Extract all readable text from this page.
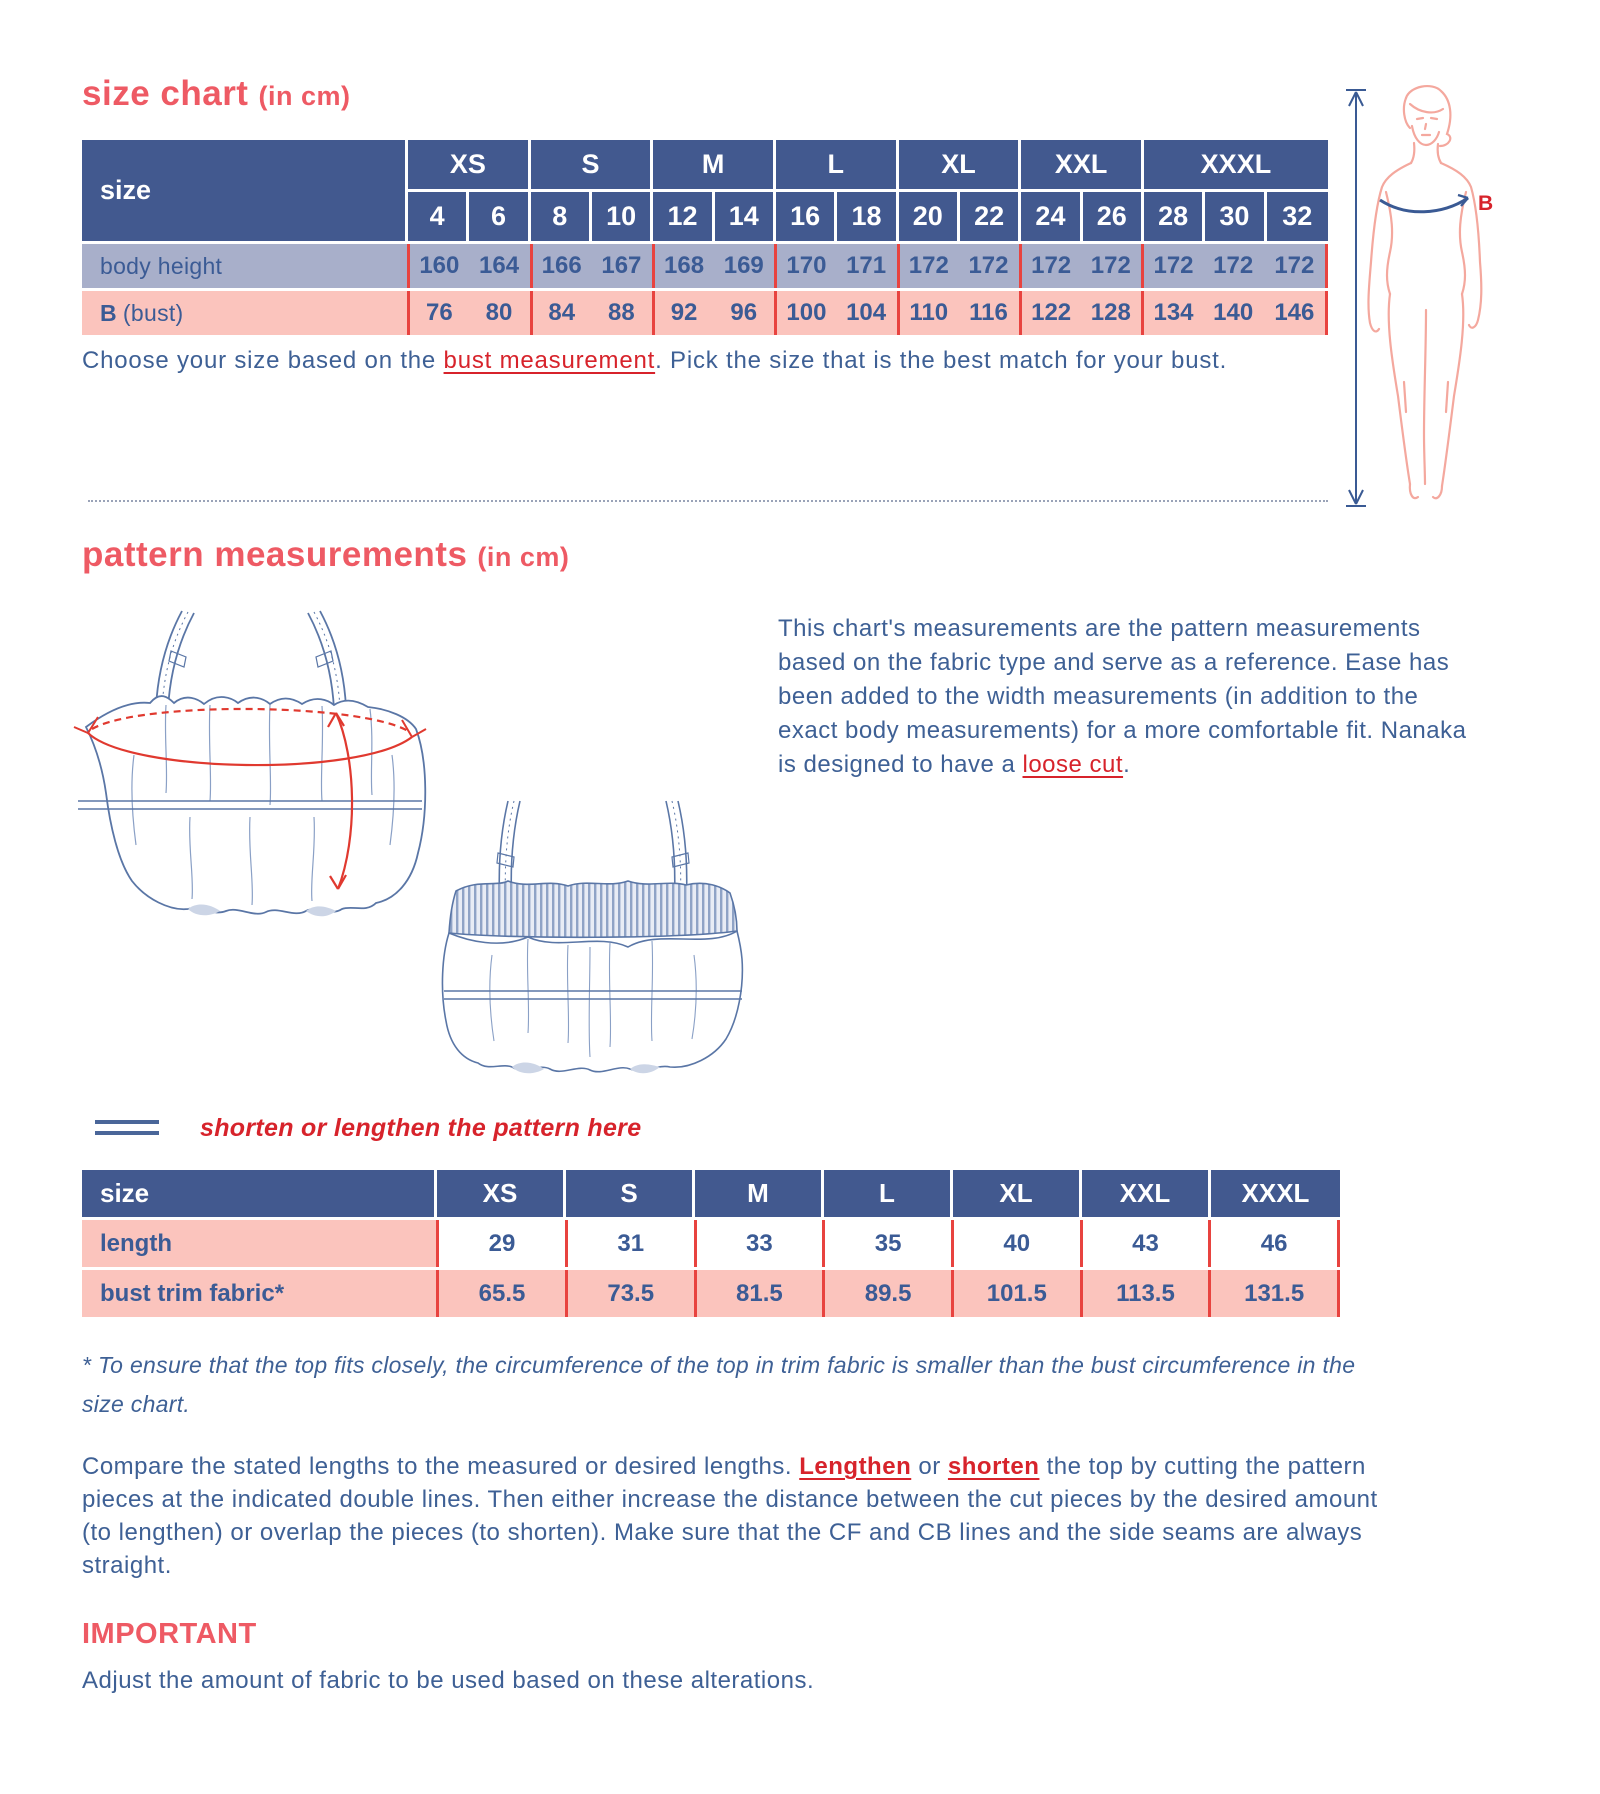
size chart (in cm)
size
XS	S	M	L	XL	XXL	XXXL
4	6	8	10	12	14	16	18	20	22	24	26	28	30	32
body height	160 164 166 167 168 169 170 171 172 172 172 172 172 172 172
B (bust)	76	80	84	88	92	96	100 104 110 116 122 128 134 140 146
Choose your size based on the bust measurement. Pick the size that is the best match for your bust.
B
pattern measurements (in cm)
This chart's measurements are the pattern measurements based on the fabric type and serve as a reference. Ease has been added to the width measurements (in addition to the exact body measurements) for a more comfortable fit. Nanaka is designed to have a loose cut.
shorten or lengthen the pattern here
size	XS	S	M	L	XL	XXL	XXXL
length	29	31	33	35	40	43	46
bust trim fabric*	65.5	73.5	81.5	89.5	101.5	113.5	131.5
* To ensure that the top fits closely, the circumference of the top in trim fabric is smaller than the bust circumference in the size chart.
Compare the stated lengths to the measured or desired lengths. Lengthen or shorten the top by cutting the pattern pieces at the indicated double lines. Then either increase the distance between the cut pieces by the desired amount (to lengthen) or overlap the pieces (to shorten). Make sure that the CF and CB lines and the side seams are always straight.
IMPORTANT
Adjust the amount of fabric to be used based on these alterations.
